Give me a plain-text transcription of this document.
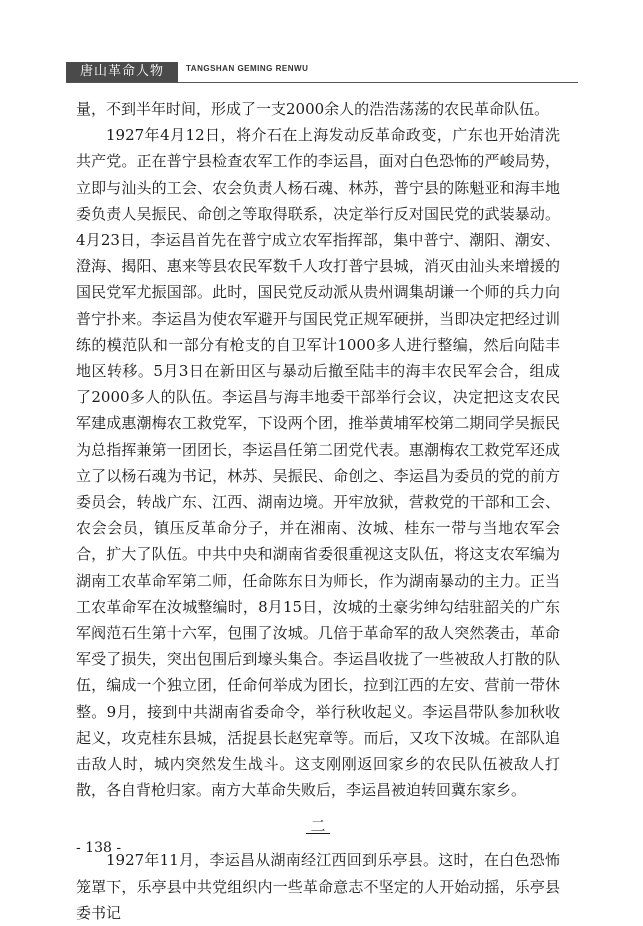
唐山革命人物	TANGSHAN GEMING RENWU

量，不到半年时间，形成了一支2000余人的浩浩荡荡的农民革命队伍。

1927年4月12日，将介石在上海发动反革命政变，广东也开始清洗共产党。正在普宁县检查农军工作的李运昌，面对白色恐怖的严峻局势，立即与汕头的工会、农会负责人杨石魂、林苏，普宁县的陈魁亚和海丰地委负责人吴振民、命创之等取得联系，决定举行反对国民党的武装暴动。4月23日，李运昌首先在普宁成立农军指挥部，集中普宁、潮阳、潮安、澄海、揭阳、惠来等县农民军数千人攻打普宁县城，消灭由汕头来增援的国民党军尤振国部。此时，国民党反动派从贵州调集胡谦一个师的兵力向普宁扑来。李运昌为使农军避开与国民党正规军硬拼，当即决定把经过训练的模范队和一部分有枪支的自卫军计1000多人进行整编，然后向陆丰地区转移。5月3日在新田区与暴动后撤至陆丰的海丰农民军会合，组成了2000多人的队伍。李运昌与海丰地委干部举行会议，决定把这支农民军建成惠潮梅农工救党军，下设两个团，推举黄埔军校第二期同学吴振民为总指挥兼第一团团长，李运昌任第二团党代表。惠潮梅农工救党军还成立了以杨石魂为书记，林苏、吴振民、命创之、李运昌为委员的党的前方委员会，转战广东、江西、湖南边境。开牢放狱，营救党的干部和工会、农会会员，镇压反革命分子，并在湘南、汝城、桂东一带与当地农军会合，扩大了队伍。中共中央和湖南省委很重视这支队伍，将这支农军编为湖南工农革命军第二师，任命陈东日为师长，作为湖南暴动的主力。正当工农革命军在汝城整编时，8月15日，汝城的土豪劣绅勾结驻韶关的广东军阀范石生第十六军，包围了汝城。几倍于革命军的敌人突然袭击，革命军受了损失，突出包围后到壕头集合。李运昌收拢了一些被敌人打散的队伍，编成一个独立团，任命何举成为团长，拉到江西的左安、营前一带休整。9月，接到中共湖南省委命令，举行秋收起义。李运昌带队参加秋收起义，攻克桂东县城，活捉县长赵宪章等。而后，又攻下汝城。在部队追击敌人时，城内突然发生战斗。这支刚刚返回家乡的农民队伍被敌人打散，各自背枪归家。南方大革命失败后，李运昌被迫转回冀东家乡。

二

1927年11月，李运昌从湖南经江西回到乐亭县。这时，在白色恐怖笼罩下，乐亭县中共党组织内一些革命意志不坚定的人开始动摇，乐亭县委书记

- 138 -
